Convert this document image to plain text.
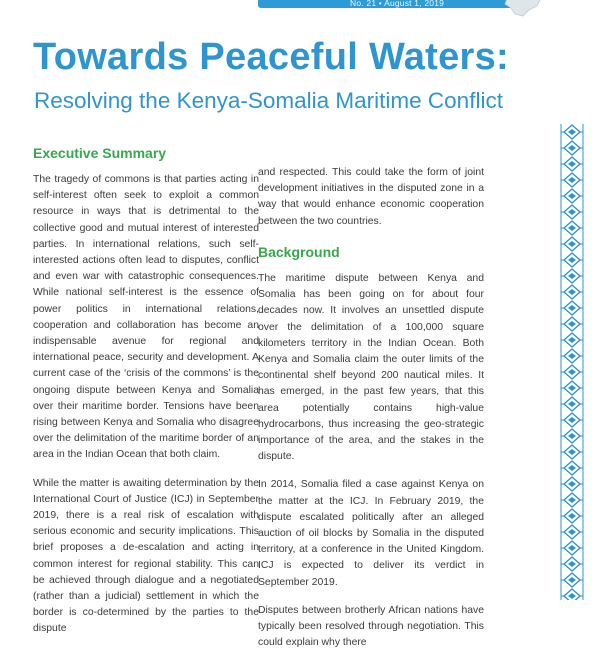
No. 21 • August 1, 2019
Towards Peaceful Waters:
Resolving the Kenya-Somalia Maritime Conflict
Executive Summary

The tragedy of commons is that parties acting in self-interest often seek to exploit a common resource in ways that is detrimental to the collective good and mutual interest of interested parties. In international relations, such self-interested actions often lead to disputes, conflict and even war with catastrophic consequences. While national self-interest is the essence of power politics in international relations, cooperation and collaboration has become an indispensable avenue for regional and international peace, security and development. A current case of the ‘crisis of the commons’ is the ongoing dispute between Kenya and Somalia over their maritime border. Tensions have been rising between Kenya and Somalia who disagree over the delimitation of the maritime border of an area in the Indian Ocean that both claim.

While the matter is awaiting determination by the International Court of Justice (ICJ) in September 2019, there is a real risk of escalation with serious economic and security implications. This brief proposes a de-escalation and acting in common interest for regional stability. This can be achieved through dialogue and a negotiated (rather than a judicial) settlement in which the border is co-determined by the parties to the dispute

and respected. This could take the form of joint development initiatives in the disputed zone in a way that would enhance economic cooperation between the two countries.

Background

The maritime dispute between Kenya and Somalia has been going on for about four decades now. It involves an unsettled dispute over the delimitation of a 100,000 square kilometers territory in the Indian Ocean. Both Kenya and Somalia claim the outer limits of the continental shelf beyond 200 nautical miles. It has emerged, in the past few years, that this area potentially contains high-value hydrocarbons, thus increasing the geo-strategic importance of the area, and the stakes in the dispute.

In 2014, Somalia filed a case against Kenya on the matter at the ICJ. In February 2019, the dispute escalated politically after an alleged auction of oil blocks by Somalia in the disputed territory, at a conference in the United Kingdom. ICJ is expected to deliver its verdict in September 2019.

Disputes between brotherly African nations have typically been resolved through negotiation. This could explain why there
